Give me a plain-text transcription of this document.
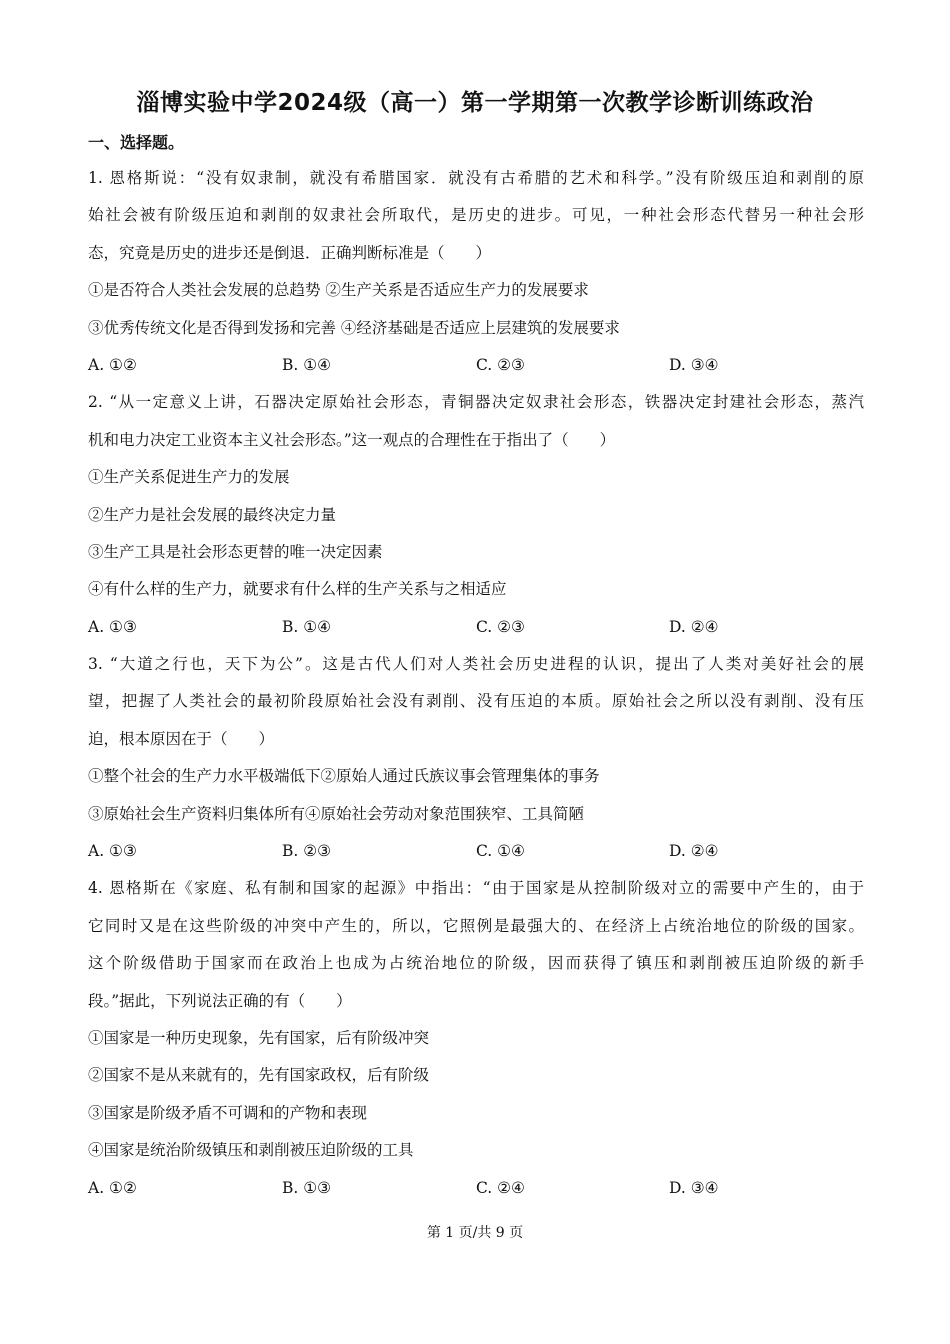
淄博实验中学2024级（高一）第一学期第一次教学诊断训练政治
一、选择题。
1. 恩格斯说：“没有奴隶制，就没有希腊国家．就没有古希腊的艺术和科学。”没有阶级压迫和剥削的原
始社会被有阶级压迫和剥削的奴隶社会所取代，是历史的进步。可见，一种社会形态代替另一种社会形
态，究竟是历史的进步还是倒退．正确判断标准是（　　）
①是否符合人类社会发展的总趋势 ②生产关系是否适应生产力的发展要求
③优秀传统文化是否得到发扬和完善 ④经济基础是否适应上层建筑的发展要求
A. ①②	B. ①④	C. ②③	D. ③④
2. “从一定意义上讲，石器决定原始社会形态，青铜器决定奴隶社会形态，铁器决定封建社会形态，蒸汽
机和电力决定工业资本主义社会形态。”这一观点的合理性在于指出了（　　）
①生产关系促进生产力的发展
②生产力是社会发展的最终决定力量
③生产工具是社会形态更替的唯一决定因素
④有什么样的生产力，就要求有什么样的生产关系与之相适应
A. ①③	B. ①④	C. ②③	D. ②④
3. “大道之行也，天下为公”。这是古代人们对人类社会历史进程的认识，提出了人类对美好社会的展
望，把握了人类社会的最初阶段原始社会没有剥削、没有压迫的本质。原始社会之所以没有剥削、没有压
迫，根本原因在于（　　）
①整个社会的生产力水平极端低下②原始人通过氏族议事会管理集体的事务
③原始社会生产资料归集体所有④原始社会劳动对象范围狭窄、工具简陋
A. ①③	B. ②③	C. ①④	D. ②④
4. 恩格斯在《家庭、私有制和国家的起源》中指出：“由于国家是从控制阶级对立的需要中产生的，由于
它同时又是在这些阶级的冲突中产生的，所以，它照例是最强大的、在经济上占统治地位的阶级的国家。
这个阶级借助于国家而在政治上也成为占统治地位的阶级，因而获得了镇压和剥削被压迫阶级的新手
段。”据此，下列说法正确的有（　　）
①国家是一种历史现象，先有国家，后有阶级冲突
②国家不是从来就有的，先有国家政权，后有阶级
③国家是阶级矛盾不可调和的产物和表现
④国家是统治阶级镇压和剥削被压迫阶级的工具
A. ①②	B. ①③	C. ②④	D. ③④
第 1 页/共 9 页
